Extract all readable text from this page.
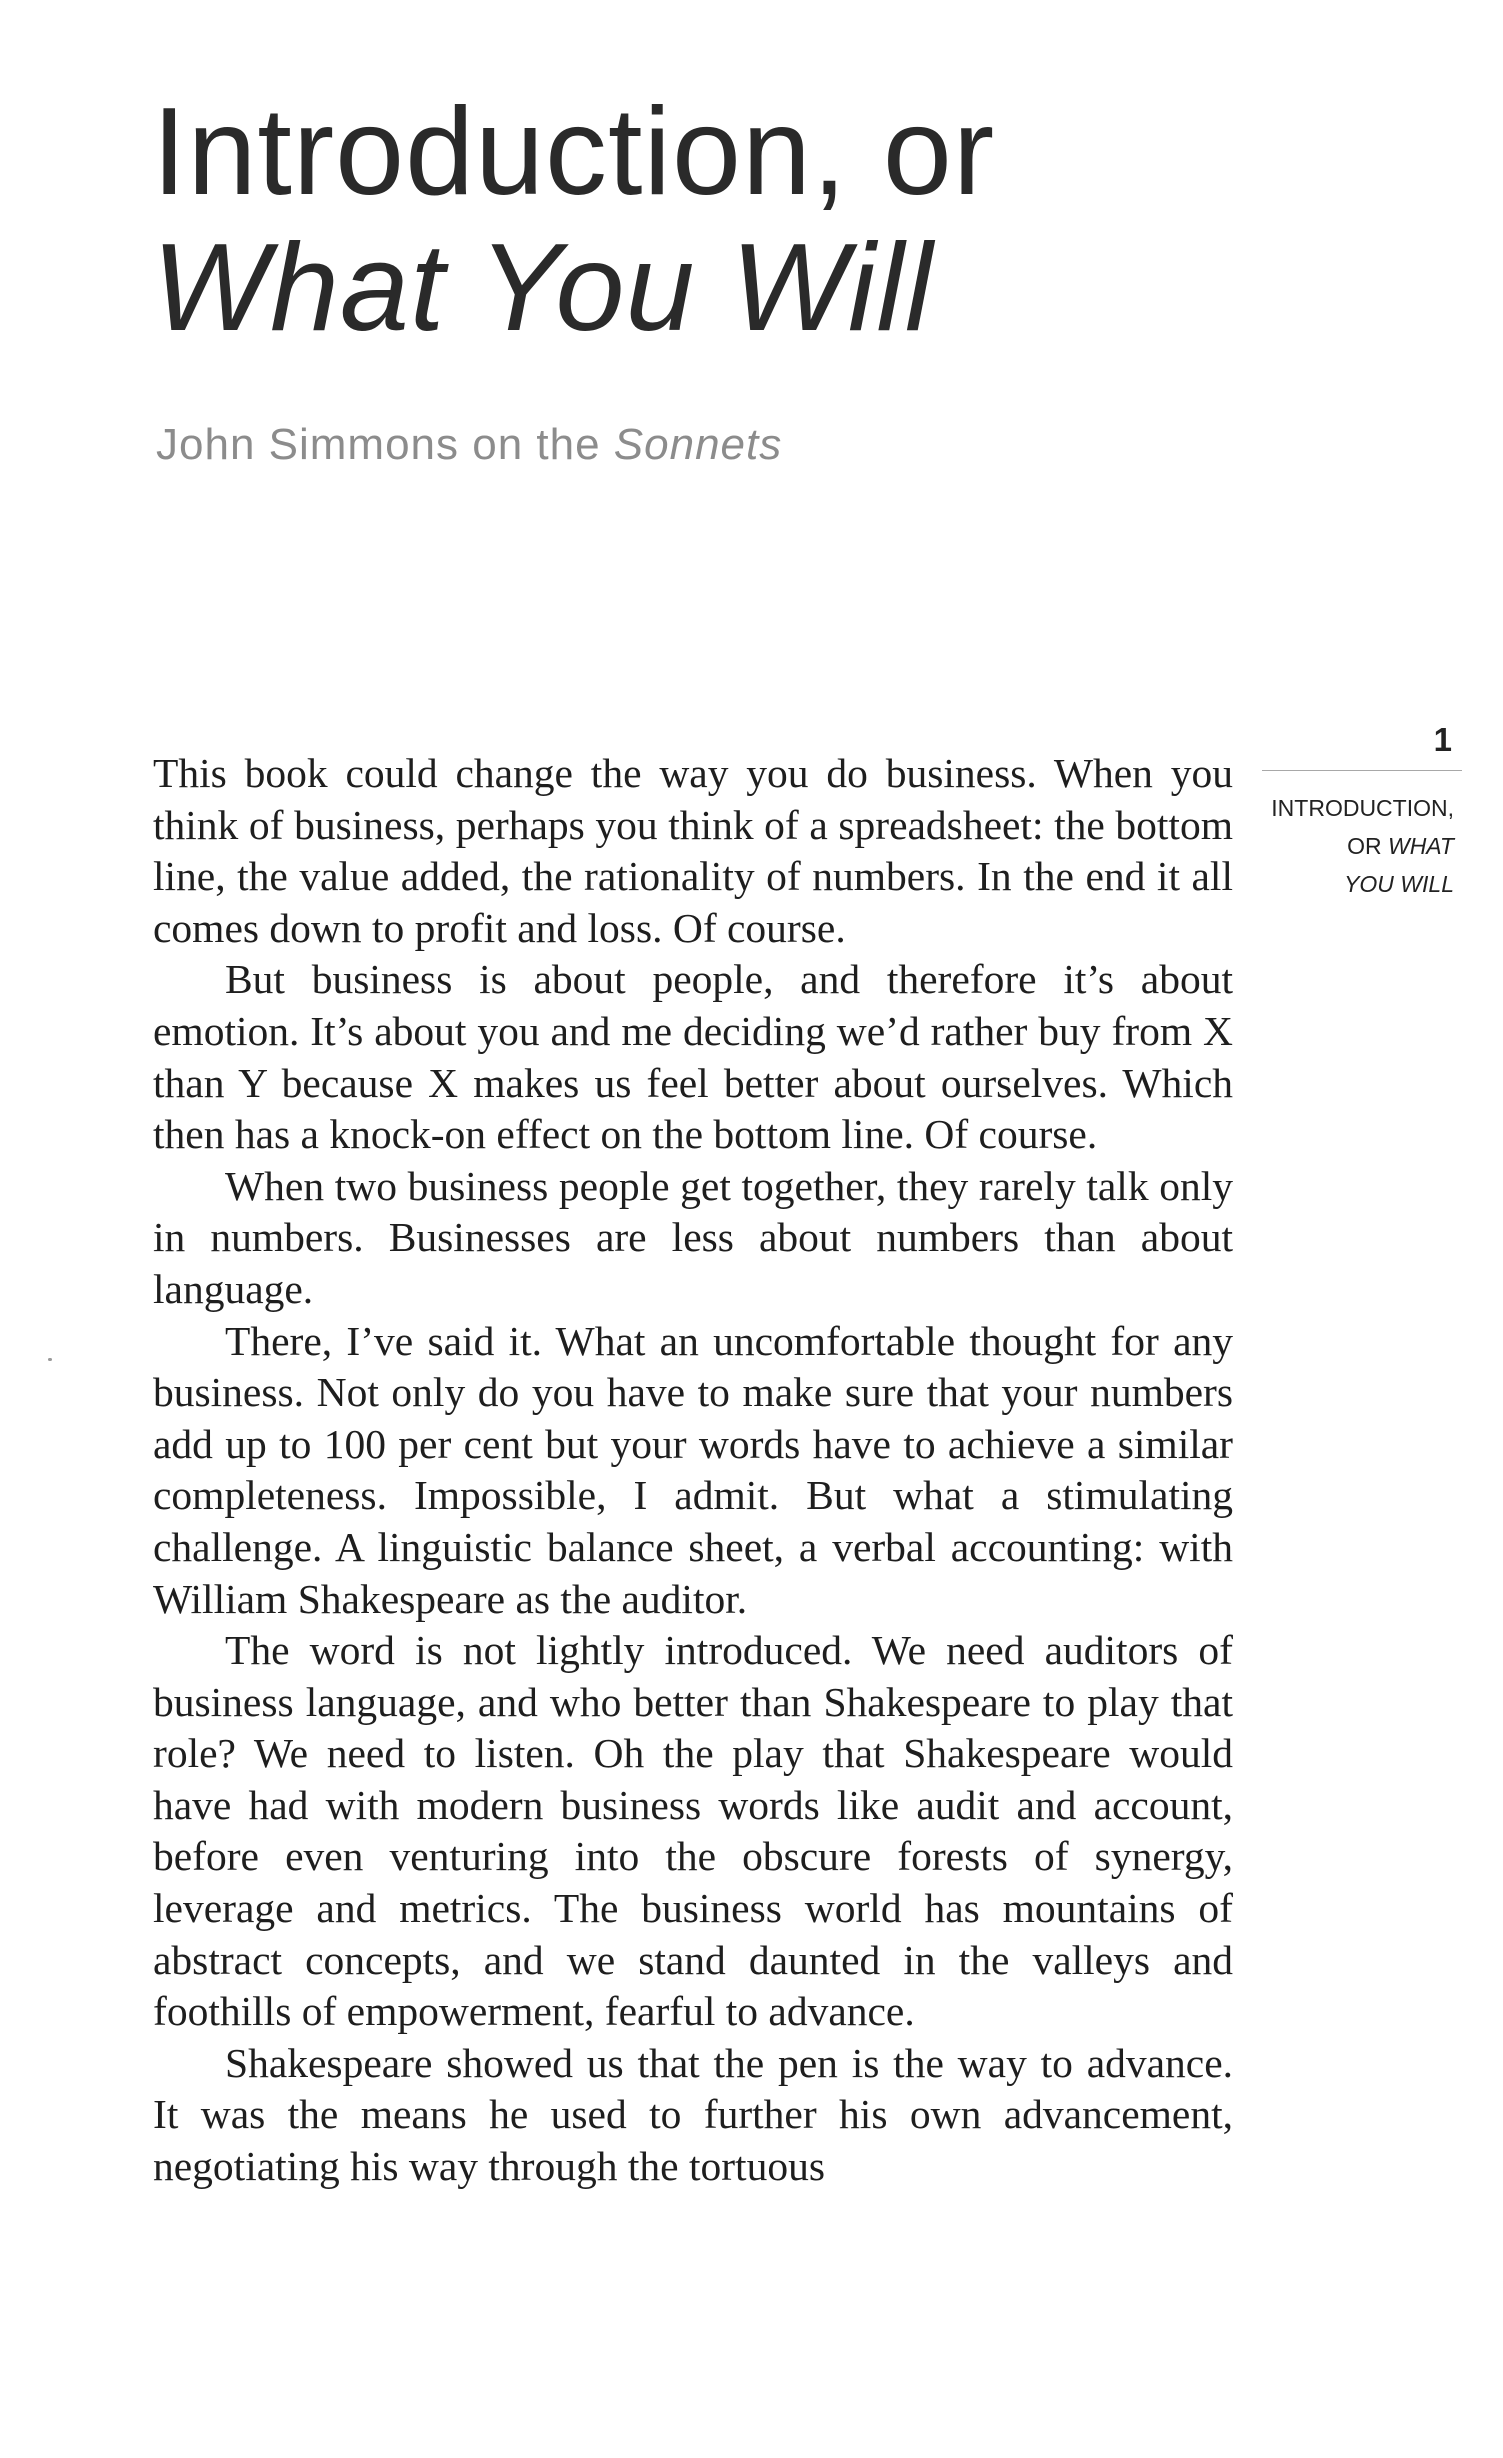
Introduction, or
What You Will
John Simmons on the Sonnets
1
INTRODUCTION,
OR WHAT
YOU WILL

This book could change the way you do business. When you think of business, perhaps you think of a spreadsheet: the bottom line, the value added, the rationality of numbers. In the end it all comes down to profit and loss. Of course.

But business is about people, and therefore it’s about emotion. It’s about you and me deciding we’d rather buy from X than Y because X makes us feel better about ourselves. Which then has a knock-on effect on the bottom line. Of course.

When two business people get together, they rarely talk only in numbers. Businesses are less about numbers than about language.

There, I’ve said it. What an uncomfortable thought for any business. Not only do you have to make sure that your numbers add up to 100 per cent but your words have to achieve a similar completeness. Impossible, I admit. But what a stimulating challenge. A linguistic balance sheet, a verbal accounting: with William Shakespeare as the auditor.

The word is not lightly introduced. We need auditors of business language, and who better than Shakespeare to play that role? We need to listen. Oh the play that Shakespeare would have had with modern business words like audit and account, before even venturing into the obscure forests of synergy, leverage and metrics. The business world has mountains of abstract concepts, and we stand daunted in the valleys and foothills of empowerment, fearful to advance.

Shakespeare showed us that the pen is the way to advance. It was the means he used to further his own advancement, negotiating his way through the tortuous
